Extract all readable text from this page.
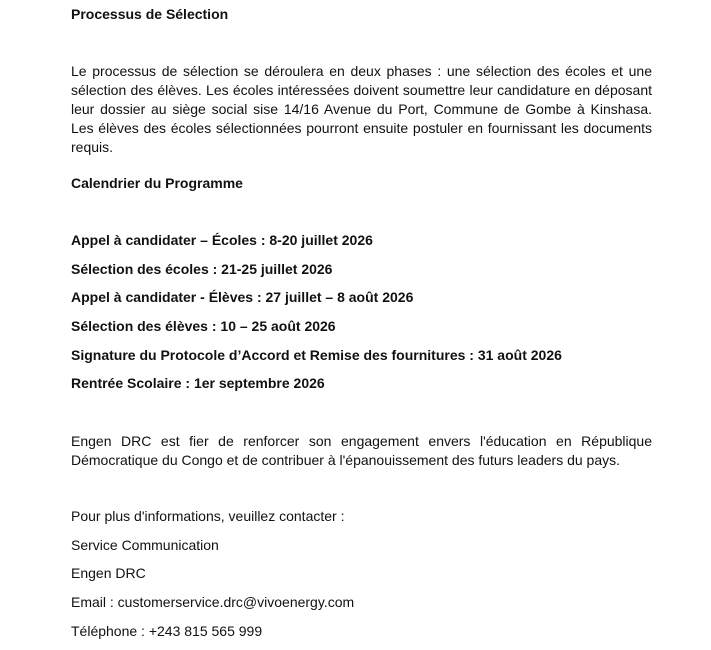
Processus de Sélection

Le processus de sélection se déroulera en deux phases : une sélection des écoles et une sélection des élèves. Les écoles intéressées doivent soumettre leur candidature en déposant leur dossier au siège social sise 14/16 Avenue du Port, Commune de Gombe à Kinshasa. Les élèves des écoles sélectionnées pourront ensuite postuler en fournissant les documents requis.

Calendrier du Programme
Appel à candidater – Écoles : 8-20 juillet 2026
Sélection des écoles : 21-25 juillet 2026
Appel à candidater - Élèves : 27 juillet – 8 août 2026
Sélection des élèves : 10 – 25 août 2026
Signature du Protocole d’Accord et Remise des fournitures : 31 août 2026
Rentrée Scolaire : 1er septembre 2026

Engen DRC est fier de renforcer son engagement envers l'éducation en République Démocratique du Congo et de contribuer à l'épanouissement des futurs leaders du pays.

Pour plus d'informations, veuillez contacter :
Service Communication
Engen DRC
Email : customerservice.drc@vivoenergy.com
Téléphone : +243 815 565 999
